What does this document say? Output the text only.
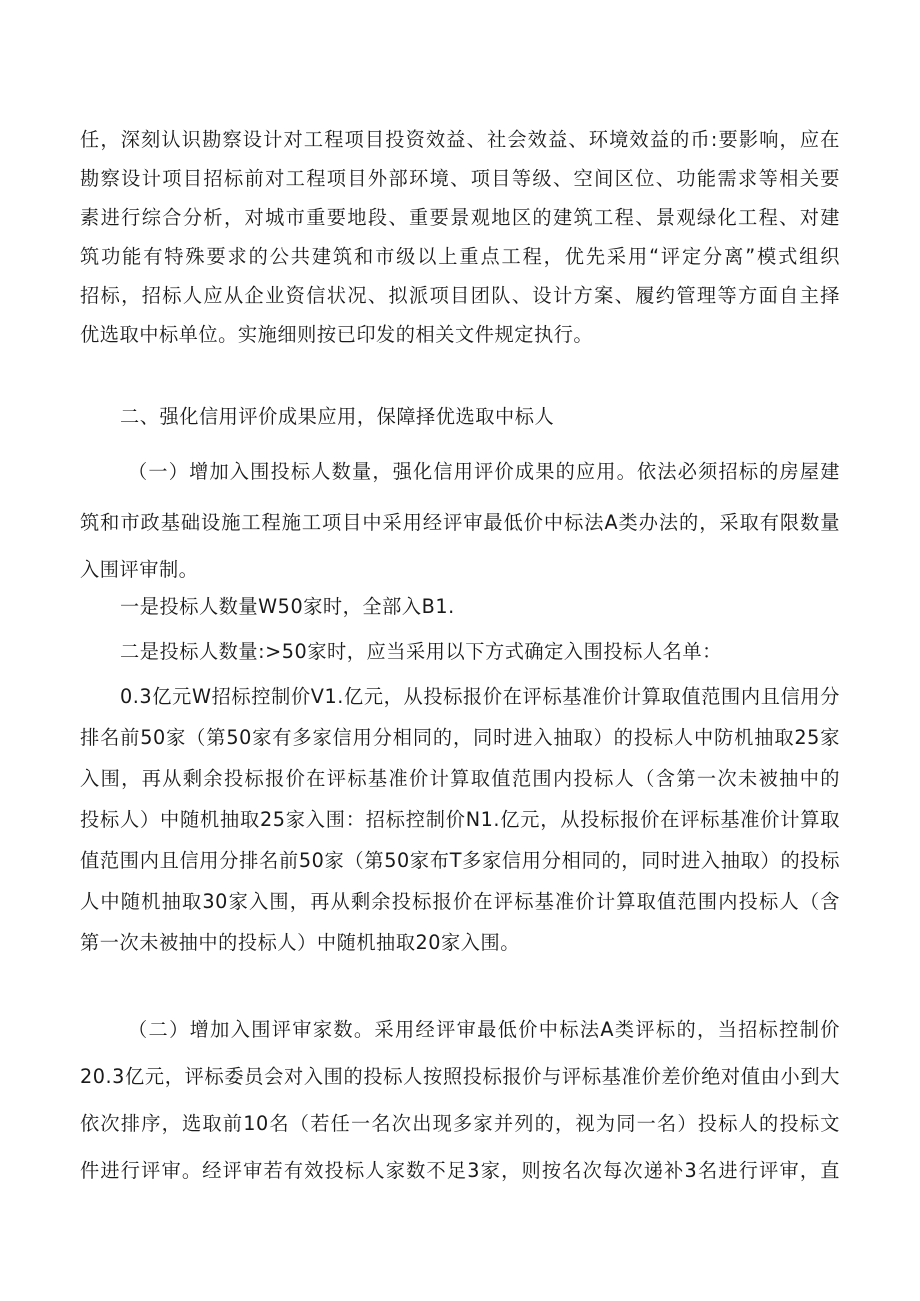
任，深刻认识勘察设计对工程项目投资效益、社会效益、环境效益的币:要影响，应在
勘察设计项目招标前对工程项目外部环境、项目等级、空间区位、功能需求等相关要
素进行综合分析，对城市重要地段、重要景观地区的建筑工程、景观绿化工程、对建
筑功能有特殊要求的公共建筑和市级以上重点工程，优先采用“评定分离”模式组织
招标，招标人应从企业资信状况、拟派项目团队、设计方案、履约管理等方面自主择
优选取中标单位。实施细则按已印发的相关文件规定执行。
二、强化信用评价成果应用，保障择优选取中标人
（一）增加入围投标人数量，强化信用评价成果的应用。依法必须招标的房屋建
筑和市政基础设施工程施工项目中采用经评审最低价中标法A类办法的，采取有限数量
入围评审制。
一是投标人数量W50家时，全部入B1.
二是投标人数量:>50家时，应当采用以下方式确定入围投标人名单：
0.3亿元W招标控制价V1.亿元，从投标报价在评标基准价计算取值范围内且信用分
排名前50家（第50家有多家信用分相同的，同时进入抽取）的投标人中防机抽取25家
入围，再从剩余投标报价在评标基准价计算取值范围内投标人（含第一次未被抽中的
投标人）中随机抽取25家入围：招标控制价N1.亿元，从投标报价在评标基准价计算取
值范围内且信用分排名前50家（第50家布T多家信用分相同的，同时进入抽取）的投标
人中随机抽取30家入围，再从剩余投标报价在评标基准价计算取值范围内投标人（含
第一次未被抽中的投标人）中随机抽取20家入围。
（二）增加入围评审家数。采用经评审最低价中标法A类评标的，当招标控制价
20.3亿元，评标委员会对入围的投标人按照投标报价与评标基准价差价绝对值由小到大
依次排序，选取前10名（若任一名次出现多家并列的，视为同一名）投标人的投标文
件进行评审。经评审若有效投标人家数不足3家，则按名次每次递补3名进行评审，直
